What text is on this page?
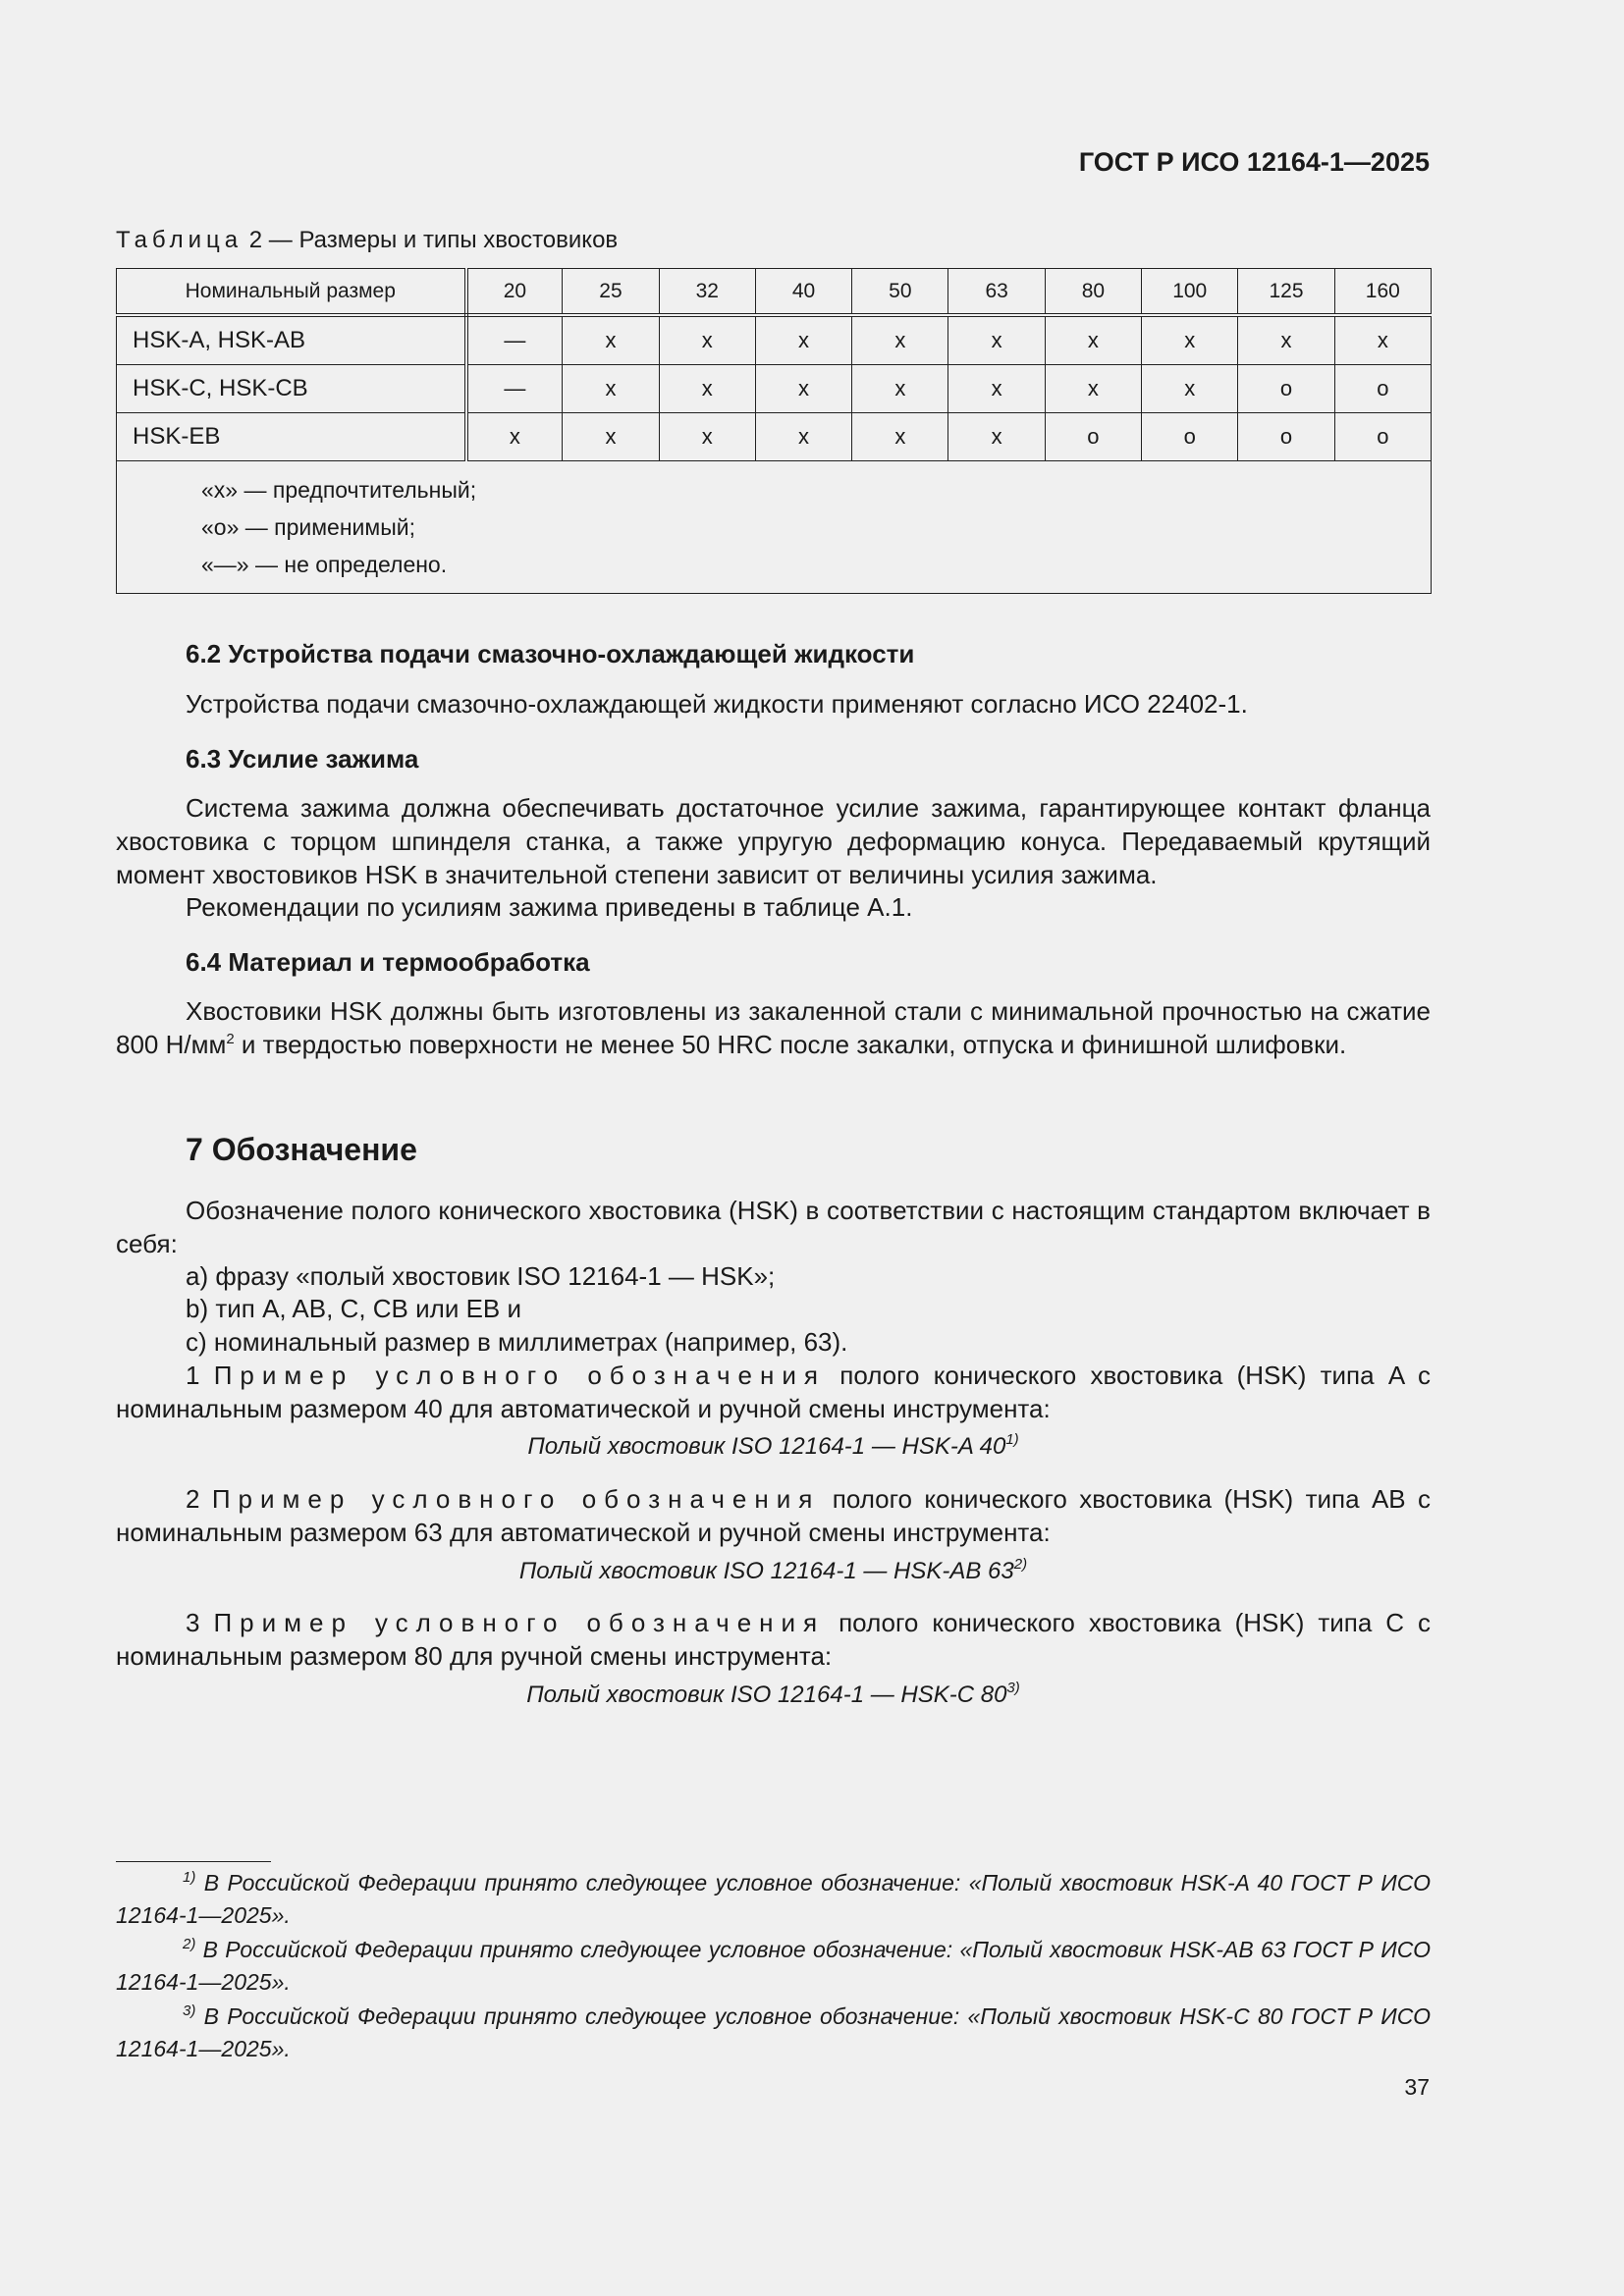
ГОСТ Р ИСО 12164-1—2025
Таблица 2 — Размеры и типы хвостовиков
Номинальный размер	20	25	32	40	50	63	80	100	125	160
HSK-A, HSK-AB	—	x	x	x	x	x	x	x	x	x
HSK-C, HSK-CB	—	x	x	x	x	x	x	x	o	o
HSK-EB	x	x	x	x	x	x	o	o	o	o

«x» — предпочтительный;
«o» — применимый;
«—» — не определено.										
6.2 Устройства подачи смазочно-охлаждающей жидкости
Устройства подачи смазочно-охлаждающей жидкости применяют согласно ИСО 22402-1.
6.3 Усилие зажима
Система зажима должна обеспечивать достаточное усилие зажима, гарантирующее контакт фланца хвостовика с торцом шпинделя станка, а также упругую деформацию конуса. Передаваемый крутящий момент хвостовиков HSK в значительной степени зависит от величины усилия зажима.
Рекомендации по усилиям зажима приведены в таблице А.1.
6.4 Материал и термообработка
Хвостовики HSK должны быть изготовлены из закаленной стали с минимальной прочностью на сжатие 800 $Н/мм^2$ и твердостью поверхности не менее 50 HRC после закалки, отпуска и финишной шлифовки.
7 Обозначение
Обозначение полого конического хвостовика (HSK) в соответствии с настоящим стандартом включает в себя:
a) фразу «полый хвостовик ISO 12164-1 — HSK»;
b) тип A, AB, C, CB или EB и
c) номинальный размер в миллиметрах (например, 63).
1 Пример условного обозначения полого конического хвостовика (HSK) типа A с номинальным размером 40 для автоматической и ручной смены инструмента:
Полый хвостовик ISO 12164-1 — HSK-A 40$^{1)}$
2 Пример условного обозначения полого конического хвостовика (HSK) типа AB с номинальным размером 63 для автоматической и ручной смены инструмента:
Полый хвостовик ISO 12164-1 — HSK-AB 63$^{2)}$
3 Пример условного обозначения полого конического хвостовика (HSK) типа C с номинальным размером 80 для ручной смены инструмента:
Полый хвостовик ISO 12164-1 — HSK-C 80$^{3)}$
$^{1)}$ В Российской Федерации принято следующее условное обозначение: «Полый хвостовик HSK-A 40 ГОСТ Р ИСО 12164-1—2025».
$^{2)}$ В Российской Федерации принято следующее условное обозначение: «Полый хвостовик HSK-AB 63 ГОСТ Р ИСО 12164-1—2025».
$^{3)}$ В Российской Федерации принято следующее условное обозначение: «Полый хвостовик HSK-C 80 ГОСТ Р ИСО 12164-1—2025».
37
